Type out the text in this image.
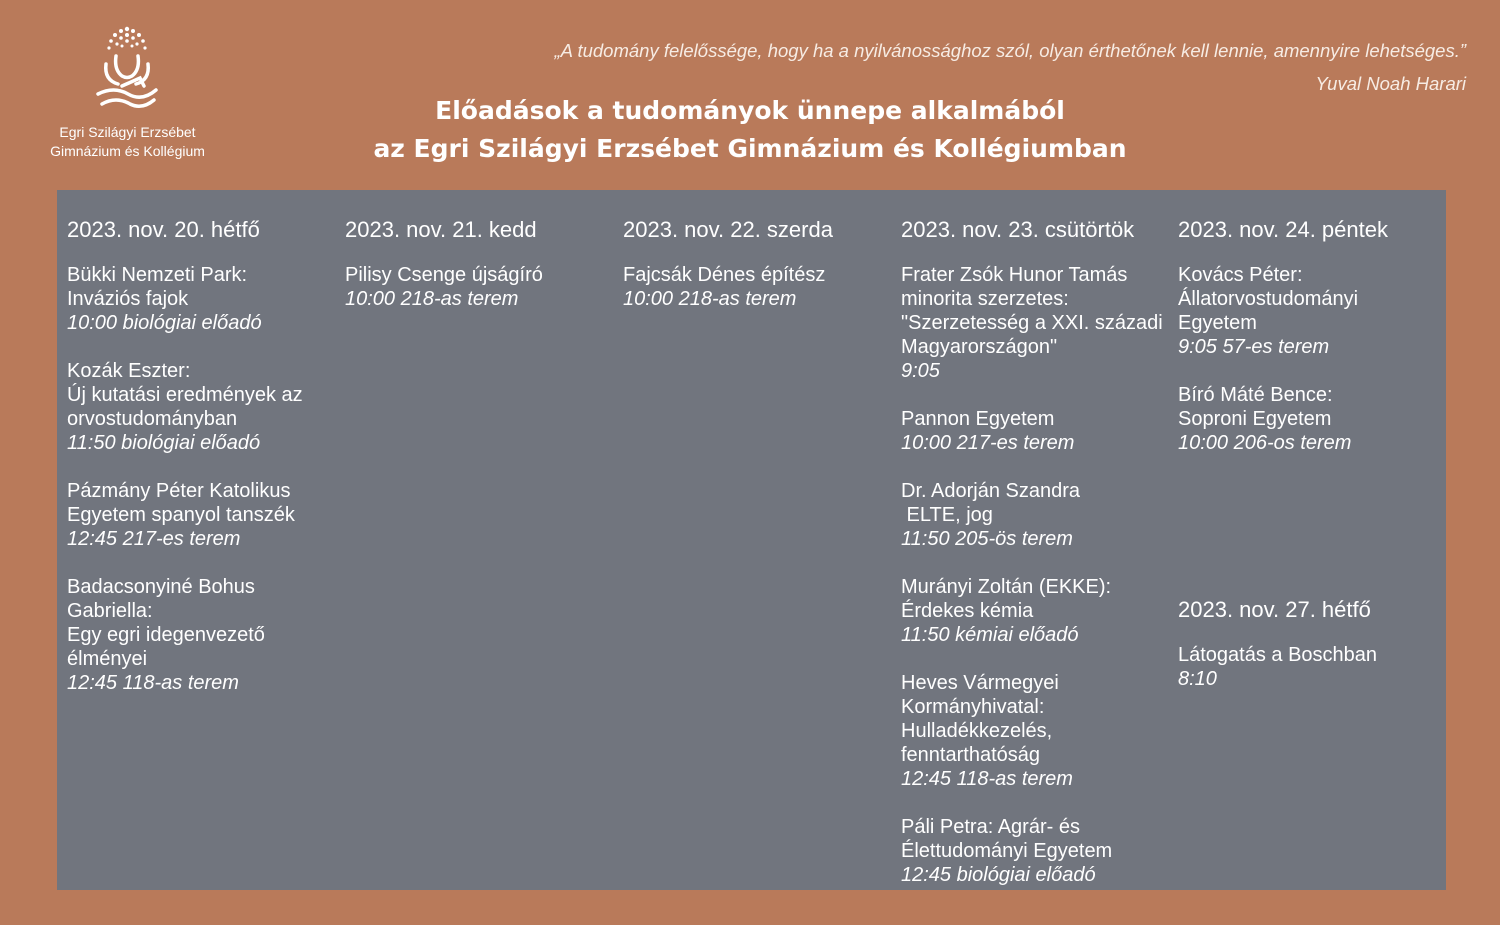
Egri Szilágyi Erzsébet
Gimnázium és Kollégium
„A tudomány felelőssége, hogy ha a nyilvánossághoz szól, olyan érthetőnek kell lennie, amennyire lehetséges.”
Yuval Noah Harari
Előadások a tudományok ünnepe alkalmából
az Egri Szilágyi Erzsébet Gimnázium és Kollégiumban
2023. nov. 20. hétfő
Bükki Nemzeti Park:
Inváziós fajok
10:00 biológiai előadó
Kozák Eszter:
Új kutatási eredmények az
orvostudományban
11:50 biológiai előadó
Pázmány Péter Katolikus
Egyetem spanyol tanszék
12:45 217-es terem
Badacsonyiné Bohus
Gabriella:
Egy egri idegenvezető
élményei
12:45 118-as terem
2023. nov. 21. kedd
Pilisy Csenge újságíró
10:00 218-as terem
2023. nov. 22. szerda
Fajcsák Dénes építész
10:00 218-as terem
2023. nov. 23. csütörtök
Frater Zsók Hunor Tamás
minorita szerzetes:
"Szerzetesség a XXI. századi
Magyarországon"
9:05
Pannon Egyetem
10:00 217-es terem
Dr. Adorján Szandra
ELTE, jog
11:50 205-ös terem
Murányi Zoltán (EKKE):
Érdekes kémia
11:50 kémiai előadó
Heves Vármegyei
Kormányhivatal:
Hulladékkezelés,
fenntarthatóság
12:45 118-as terem
Páli Petra: Agrár- és
Élettudományi Egyetem
12:45 biológiai előadó
2023. nov. 24. péntek
Kovács Péter:
Állatorvostudományi
Egyetem
9:05 57-es terem
Bíró Máté Bence:
Soproni Egyetem
10:00 206-os terem
2023. nov. 27. hétfő
Látogatás a Boschban
8:10
